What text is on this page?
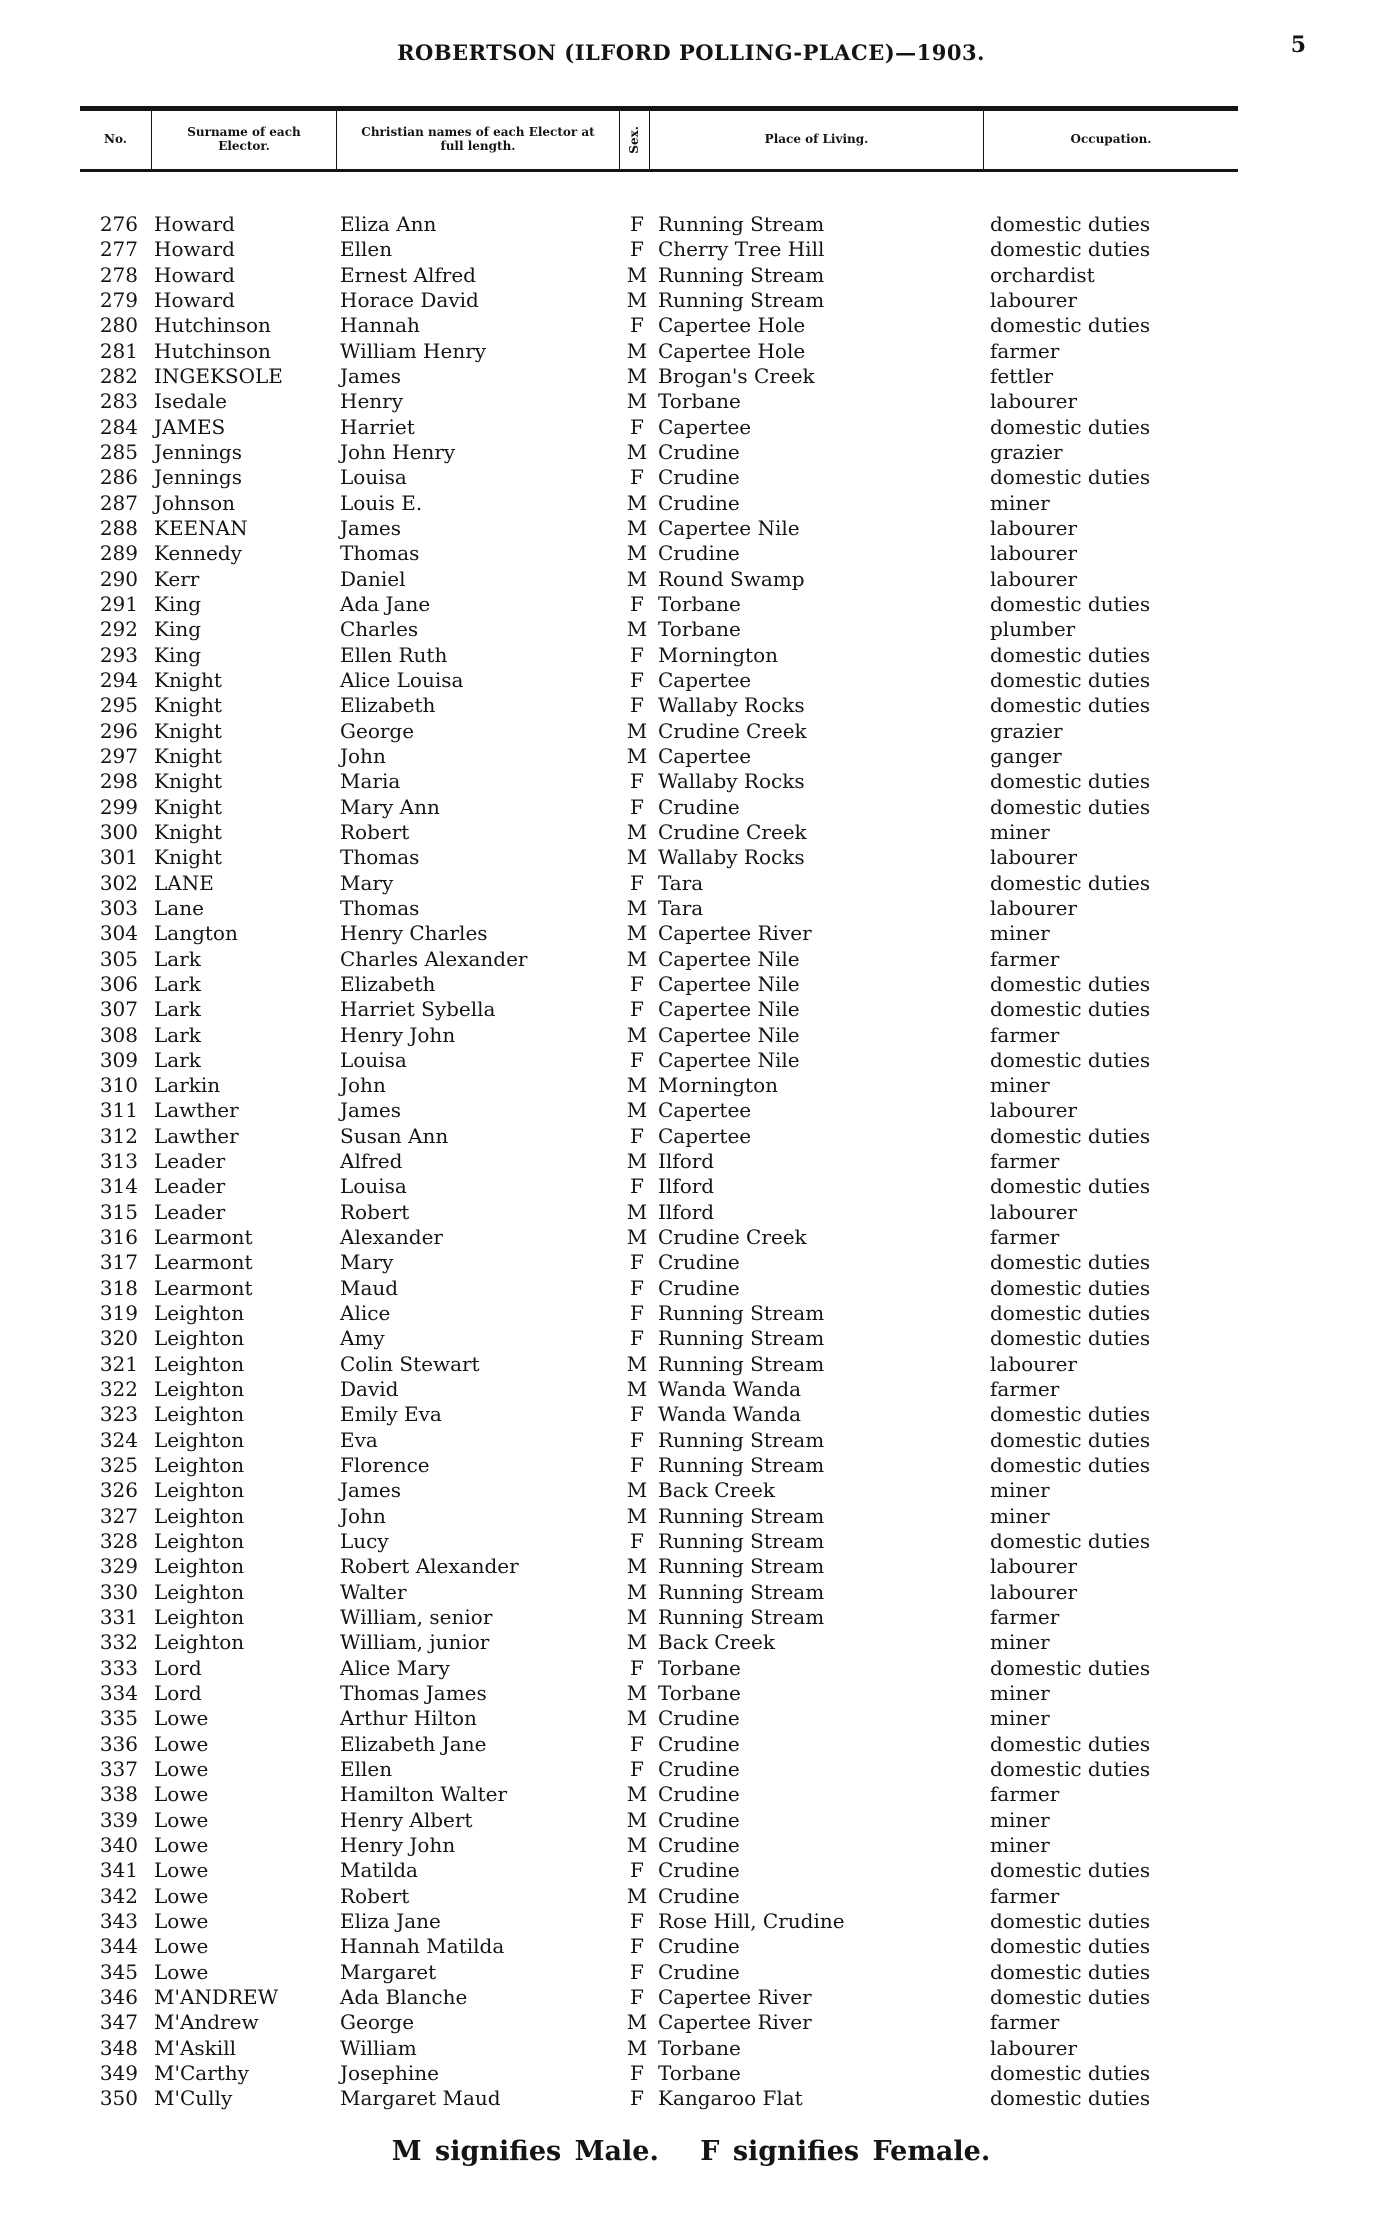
ROBERTSON (ILFORD POLLING-PLACE)—1903.	5
No.	Surname of each Elector.
Christian names of each Elector at full length.	Sex.	Place of Living.	Occupation.
276 Howard	Eliza Ann	F Running Stream	domestic duties
277 Howard	Ellen	F Cherry Tree Hill	domestic duties
278 Howard	Ernest Alfred	M Running Stream	orchardist
279 Howard	Horace David	M Running Stream	labourer
280 Hutchinson	Hannah	F Capertee Hole	domestic duties
281 Hutchinson	William Henry	M Capertee Hole	farmer
282 INGEKSOLE	James	M Brogan's Creek	fettler
283 Isedale	Henry	M Torbane	labourer
284 JAMES	Harriet	F Capertee	domestic duties
285 Jennings	John Henry	M Crudine	grazier
286 Jennings	Louisa	F Crudine	domestic duties
287 Johnson	Louis E.	M Crudine	miner
288 KEENAN	James	M Capertee Nile	labourer
289 Kennedy	Thomas	M Crudine	labourer
290 Kerr	Daniel	M Round Swamp	labourer
291 King	Ada Jane	F Torbane	domestic duties
292 King	Charles	M Torbane	plumber
293 King	Ellen Ruth	F Mornington	domestic duties
294 Knight	Alice Louisa	F Capertee	domestic duties
295 Knight	Elizabeth	F Wallaby Rocks	domestic duties
296 Knight	George	M Crudine Creek	grazier
297 Knight	John	M Capertee	ganger
298 Knight	Maria	F Wallaby Rocks	domestic duties
299 Knight	Mary Ann	F Crudine	domestic duties
300 Knight	Robert	M Crudine Creek	miner
301 Knight	Thomas	M Wallaby Rocks	labourer
302 LANE	Mary	F Tara	domestic duties
303 Lane	Thomas	M Tara	labourer
304 Langton	Henry Charles	M Capertee River	miner
305 Lark	Charles Alexander	M Capertee Nile	farmer
306 Lark	Elizabeth	F Capertee Nile	domestic duties
307 Lark	Harriet Sybella	F Capertee Nile	domestic duties
308 Lark	Henry John	M Capertee Nile	farmer
309 Lark	Louisa	F Capertee Nile	domestic duties
310 Larkin	John	M Mornington	miner
311 Lawther	James	M Capertee	labourer
312 Lawther	Susan Ann	F Capertee	domestic duties
313 Leader	Alfred	M Ilford	farmer
314 Leader	Louisa	F Ilford	domestic duties
315 Leader	Robert	M Ilford	labourer
316 Learmont	Alexander	M Crudine Creek	farmer
317 Learmont	Mary	F Crudine	domestic duties
318 Learmont	Maud	F Crudine	domestic duties
319 Leighton	Alice	F Running Stream	domestic duties
320 Leighton	Amy	F Running Stream	domestic duties
321 Leighton	Colin Stewart	M Running Stream	labourer
322 Leighton	David	M Wanda Wanda	farmer
323 Leighton	Emily Eva	F Wanda Wanda	domestic duties
324 Leighton	Eva	F Running Stream	domestic duties
325 Leighton	Florence	F Running Stream	domestic duties
326 Leighton	James	M Back Creek	miner
327 Leighton	John	M Running Stream	miner
328 Leighton	Lucy	F Running Stream	domestic duties
329 Leighton	Robert Alexander	M Running Stream	labourer
330 Leighton	Walter	M Running Stream	labourer
331 Leighton	William, senior	M Running Stream	farmer
332 Leighton	William, junior	M Back Creek	miner
333 Lord	Alice Mary	F Torbane	domestic duties
334 Lord	Thomas James	M Torbane	miner
335 Lowe	Arthur Hilton	M Crudine	miner
336 Lowe	Elizabeth Jane	F Crudine	domestic duties
337 Lowe	Ellen	F Crudine	domestic duties
338 Lowe	Hamilton Walter	M Crudine	farmer
339 Lowe	Henry Albert	M Crudine	miner
340 Lowe	Henry John	M Crudine	miner
341 Lowe	Matilda	F Crudine	domestic duties
342 Lowe	Robert	M Crudine	farmer
343 Lowe	Eliza Jane	F Rose Hill, Crudine	domestic duties
344 Lowe	Hannah Matilda	F Crudine	domestic duties
345 Lowe	Margaret	F Crudine	domestic duties
346 M'ANDREW	Ada Blanche	F Capertee River	domestic duties
347 M'Andrew	George	M Capertee River	farmer
348 M'Askill	William	M Torbane	labourer
349 M'Carthy	Josephine	F Torbane	domestic duties
350 M'Cully	Margaret Maud	F Kangaroo Flat	domestic duties
M signifies Male. F signifies Female.
